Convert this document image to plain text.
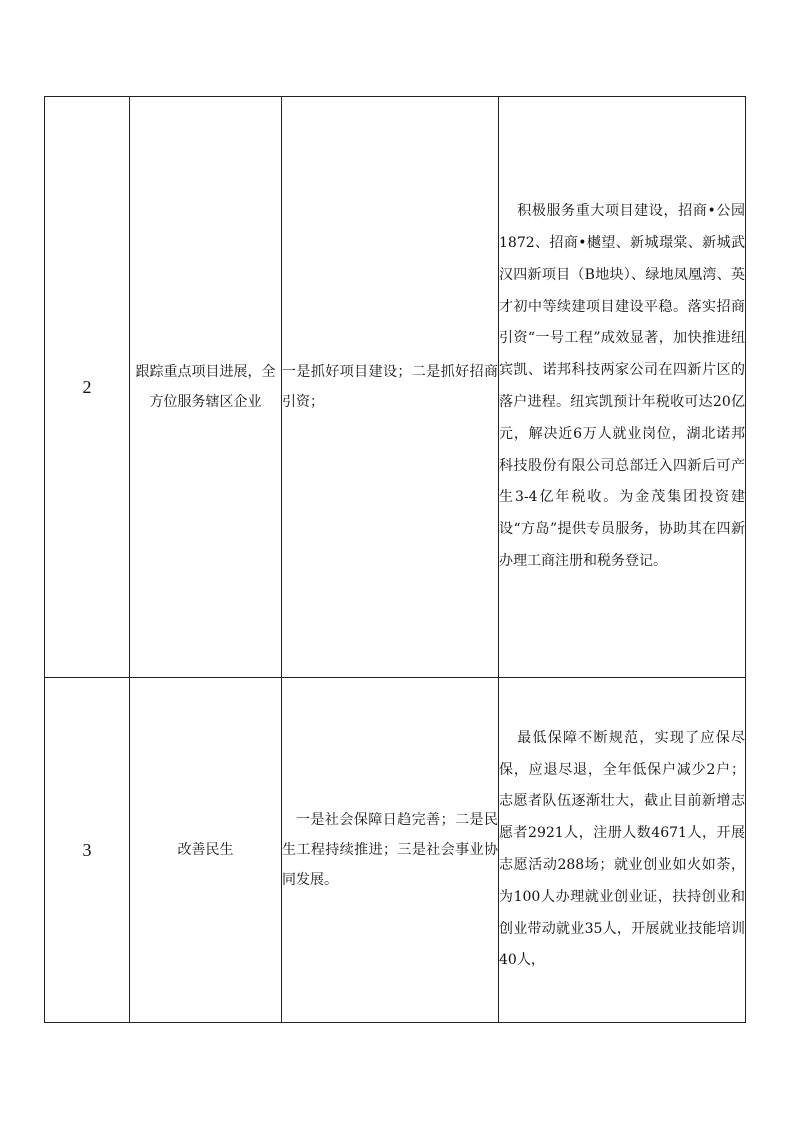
2	跟踪重点项目进展，全方位服务辖区企业	一是抓好项目建设；二是抓好招商引资；	积极服务重大项目建设，招商•公园1872、招商•樾望、新城璟棠、新城武汉四新项目（B地块）、绿地凤凰湾、英才初中等续建项目建设平稳。落实招商引资“一号工程”成效显著，加快推进纽宾凯、诺邦科技两家公司在四新片区的落户进程。纽宾凯预计年税收可达20亿元，解决近6万人就业岗位，湖北诺邦科技股份有限公司总部迁入四新后可产生3-4亿年税收。为金茂集团投资建设“方岛”提供专员服务，协助其在四新办理工商注册和税务登记。
3	改善民生	一是社会保障日趋完善；二是民生工程持续推进；三是社会事业协同发展。	最低保障不断规范，实现了应保尽保，应退尽退，全年低保户减少2户；志愿者队伍逐渐壮大，截止目前新增志愿者2921人，注册人数4671人，开展志愿活动288场；就业创业如火如荼，为100人办理就业创业证，扶持创业和创业带动就业35人，开展就业技能培训40人，
